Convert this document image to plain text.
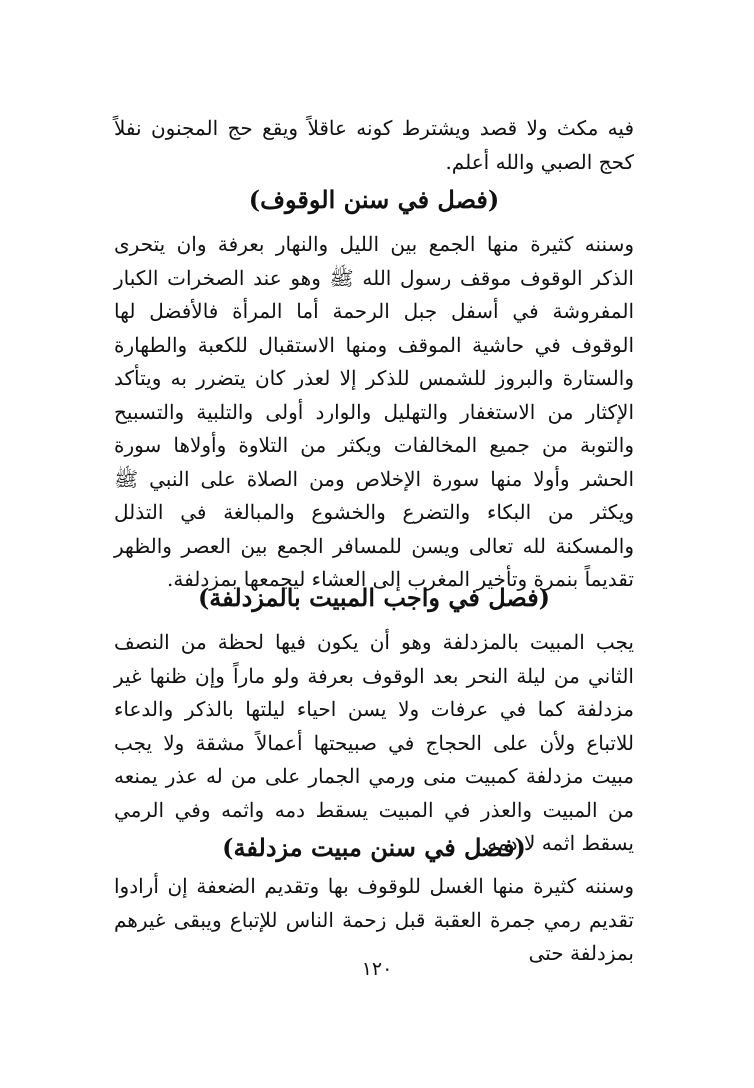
فيه مكث ولا قصد ويشترط كونه عاقلاً ويقع حج المجنون نفلاً كحج الصبي والله أعلم.

(فصل في سنن الوقوف)

وسننه كثيرة منها الجمع بين الليل والنهار بعرفة وان يتحرى الذكر الوقوف موقف رسول الله ﷺ وهو عند الصخرات الكبار المفروشة في أسفل جبل الرحمة أما المرأة فالأفضل لها الوقوف في حاشية الموقف ومنها الاستقبال للكعبة والطهارة والستارة والبروز للشمس للذكر إلا لعذر كان يتضرر به ويتأكد الإكثار من الاستغفار والتهليل والوارد أولى والتلبية والتسبيح والتوبة من جميع المخالفات ويكثر من التلاوة وأولاها سورة الحشر وأولا منها سورة الإخلاص ومن الصلاة على النبي ﷺ ويكثر من البكاء والتضرع والخشوع والمبالغة في التذلل والمسكنة لله تعالى ويسن للمسافر الجمع بين العصر والظهر تقديماً بنمرة وتأخير المغرب إلى العشاء ليجمعها بمزدلفة.

(فصل في واجب المبيت بالمزدلفة)

يجب المبيت بالمزدلفة وهو أن يكون فيها لحظة من النصف الثاني من ليلة النحر بعد الوقوف بعرفة ولو ماراً وإن ظنها غير مزدلفة كما في عرفات ولا يسن احياء ليلتها بالذكر والدعاء للاتباع ولأن على الحجاج في صبيحتها أعمالاً مشقة ولا يجب مبيت مزدلفة كمبيت منى ورمي الجمار على من له عذر يمنعه من المبيت والعذر في المبيت يسقط دمه واثمه وفي الرمي يسقط اثمه لا دمه.

(فصل في سنن مبيت مزدلفة)

وسننه كثيرة منها الغسل للوقوف بها وتقديم الضعفة إن أرادوا تقديم رمي جمرة العقبة قبل زحمة الناس للإتباع ويبقى غيرهم بمزدلفة حتى

١٢٠
